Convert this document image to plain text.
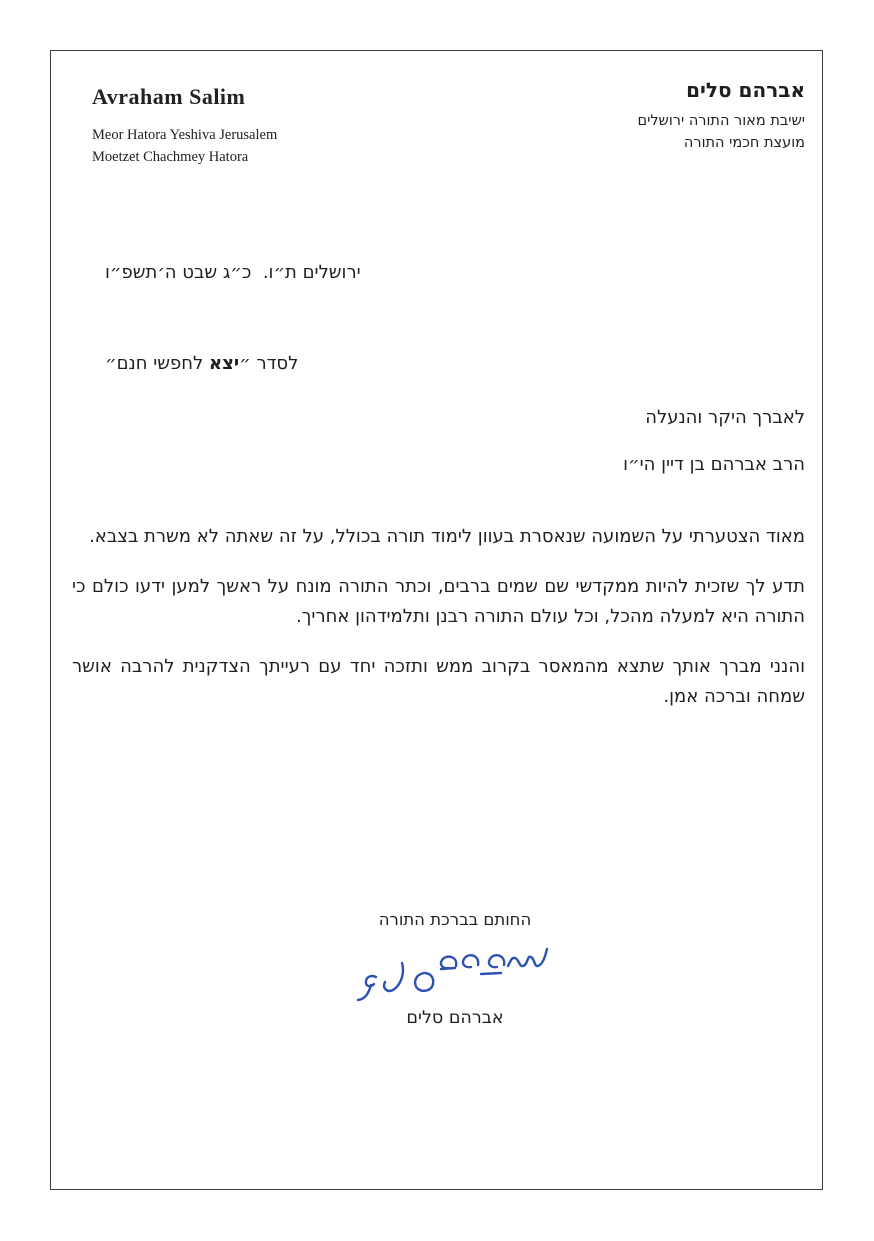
Avraham Salim
Meor Hatora Yeshiva Jerusalem
Moetzet Chachmey Hatora
אברהם סלים
ישיבת מאור התורה ירושלים
מועצת חכמי התורה

ירושלים ת״ו.  כ״ג שבט ה׳תשפ״ו

לסדר ״יצא לחפשי חנם״

לאברך היקר והנעלה
הרב אברהם בן דיין הי״ו

מאוד הצטערתי על השמועה שנאסרת בעוון לימוד תורה בכולל, על זה שאתה לא משרת בצבא.

תדע לך שזכית להיות ממקדשי שם שמים ברבים, וכתר התורה מונח על ראשך למען ידעו כולם כי התורה היא למעלה מהכל, וכל עולם התורה רבנן ותלמידהון אחריך.

והנני מברך אותך שתצא מהמאסר בקרוב ממש ותזכה יחד עם רעייתך הצדקנית להרבה אושר שמחה וברכה אמן.

החותם בברכת התורה
אברהם סלים
